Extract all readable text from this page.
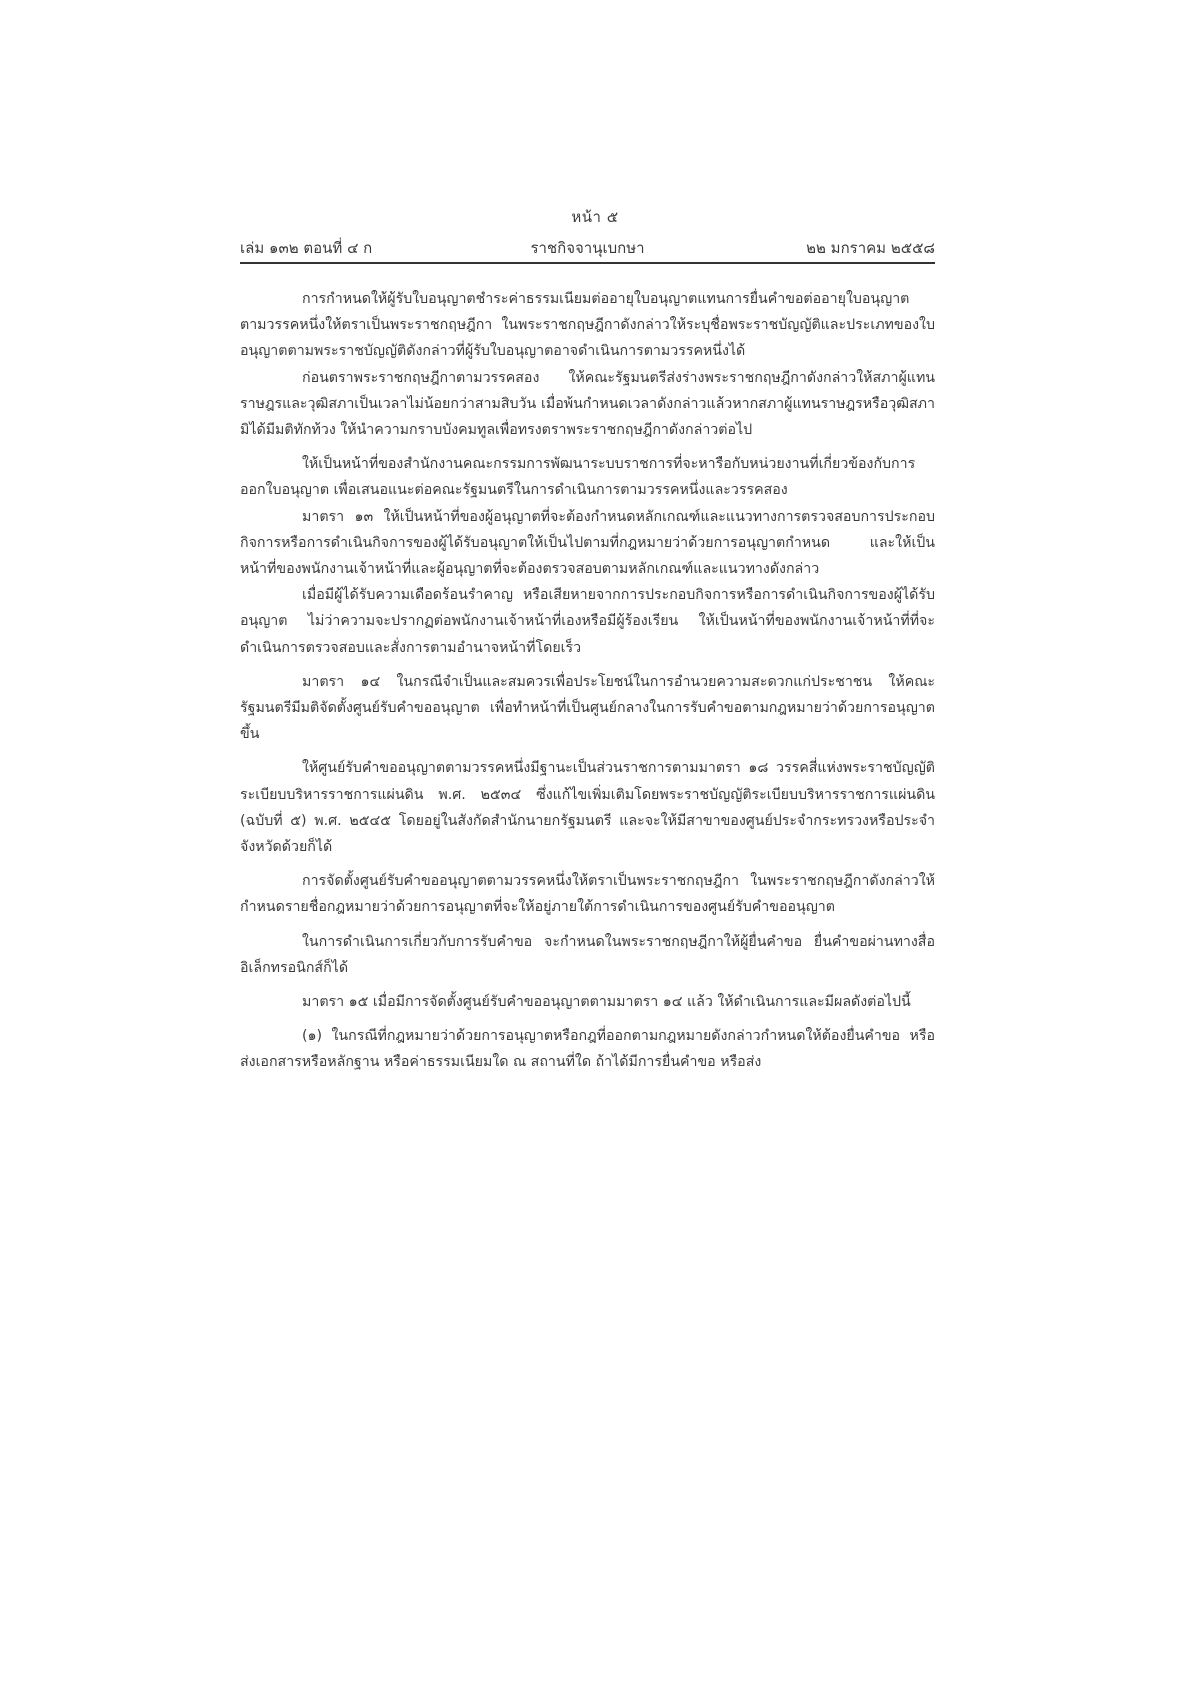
หน้า ๕
เล่ม ๑๓๒ ตอนที่ ๔ ก	ราชกิจจานุเบกษา	๒๒ มกราคม ๒๕๕๘

การกำหนดให้ผู้รับใบอนุญาตชำระค่าธรรมเนียมต่ออายุใบอนุญาตแทนการยื่นคำขอต่ออายุใบอนุญาตตามวรรคหนึ่งให้ตราเป็นพระราชกฤษฎีกา ในพระราชกฤษฎีกาดังกล่าวให้ระบุชื่อพระราชบัญญัติและประเภทของใบอนุญาตตามพระราชบัญญัติดังกล่าวที่ผู้รับใบอนุญาตอาจดำเนินการตามวรรคหนึ่งได้

ก่อนตราพระราชกฤษฎีกาตามวรรคสอง ให้คณะรัฐมนตรีส่งร่างพระราชกฤษฎีกาดังกล่าวให้สภาผู้แทนราษฎรและวุฒิสภาเป็นเวลาไม่น้อยกว่าสามสิบวัน เมื่อพ้นกำหนดเวลาดังกล่าวแล้วหากสภาผู้แทนราษฎรหรือวุฒิสภามิได้มีมติทักท้วง ให้นำความกราบบังคมทูลเพื่อทรงตราพระราชกฤษฎีกาดังกล่าวต่อไป

ให้เป็นหน้าที่ของสำนักงานคณะกรรมการพัฒนาระบบราชการที่จะหารือกับหน่วยงานที่เกี่ยวข้องกับการออกใบอนุญาต เพื่อเสนอแนะต่อคณะรัฐมนตรีในการดำเนินการตามวรรคหนึ่งและวรรคสอง

มาตรา ๑๓ ให้เป็นหน้าที่ของผู้อนุญาตที่จะต้องกำหนดหลักเกณฑ์และแนวทางการตรวจสอบการประกอบกิจการหรือการดำเนินกิจการของผู้ได้รับอนุญาตให้เป็นไปตามที่กฎหมายว่าด้วยการอนุญาตกำหนด และให้เป็นหน้าที่ของพนักงานเจ้าหน้าที่และผู้อนุญาตที่จะต้องตรวจสอบตามหลักเกณฑ์และแนวทางดังกล่าว

เมื่อมีผู้ได้รับความเดือดร้อนรำคาญ หรือเสียหายจากการประกอบกิจการหรือการดำเนินกิจการของผู้ได้รับอนุญาต ไม่ว่าความจะปรากฏต่อพนักงานเจ้าหน้าที่เองหรือมีผู้ร้องเรียน ให้เป็นหน้าที่ของพนักงานเจ้าหน้าที่ที่จะดำเนินการตรวจสอบและสั่งการตามอำนาจหน้าที่โดยเร็ว

มาตรา ๑๔ ในกรณีจำเป็นและสมควรเพื่อประโยชน์ในการอำนวยความสะดวกแก่ประชาชน ให้คณะรัฐมนตรีมีมติจัดตั้งศูนย์รับคำขออนุญาต เพื่อทำหน้าที่เป็นศูนย์กลางในการรับคำขอตามกฎหมายว่าด้วยการอนุญาตขึ้น

ให้ศูนย์รับคำขออนุญาตตามวรรคหนึ่งมีฐานะเป็นส่วนราชการตามมาตรา ๑๘ วรรคสี่แห่งพระราชบัญญัติระเบียบบริหารราชการแผ่นดิน พ.ศ. ๒๕๓๔ ซึ่งแก้ไขเพิ่มเติมโดยพระราชบัญญัติระเบียบบริหารราชการแผ่นดิน (ฉบับที่ ๕) พ.ศ. ๒๕๔๕ โดยอยู่ในสังกัดสำนักนายกรัฐมนตรี และจะให้มีสาขาของศูนย์ประจำกระทรวงหรือประจำจังหวัดด้วยก็ได้

การจัดตั้งศูนย์รับคำขออนุญาตตามวรรคหนึ่งให้ตราเป็นพระราชกฤษฎีกา ในพระราชกฤษฎีกาดังกล่าวให้กำหนดรายชื่อกฎหมายว่าด้วยการอนุญาตที่จะให้อยู่ภายใต้การดำเนินการของศูนย์รับคำขออนุญาต

ในการดำเนินการเกี่ยวกับการรับคำขอ จะกำหนดในพระราชกฤษฎีกาให้ผู้ยื่นคำขอ ยื่นคำขอผ่านทางสื่ออิเล็กทรอนิกส์ก็ได้

มาตรา ๑๕ เมื่อมีการจัดตั้งศูนย์รับคำขออนุญาตตามมาตรา ๑๔ แล้ว ให้ดำเนินการและมีผลดังต่อไปนี้

(๑) ในกรณีที่กฎหมายว่าด้วยการอนุญาตหรือกฎที่ออกตามกฎหมายดังกล่าวกำหนดให้ต้องยื่นคำขอ หรือส่งเอกสารหรือหลักฐาน หรือค่าธรรมเนียมใด ณ สถานที่ใด ถ้าได้มีการยื่นคำขอ หรือส่ง
